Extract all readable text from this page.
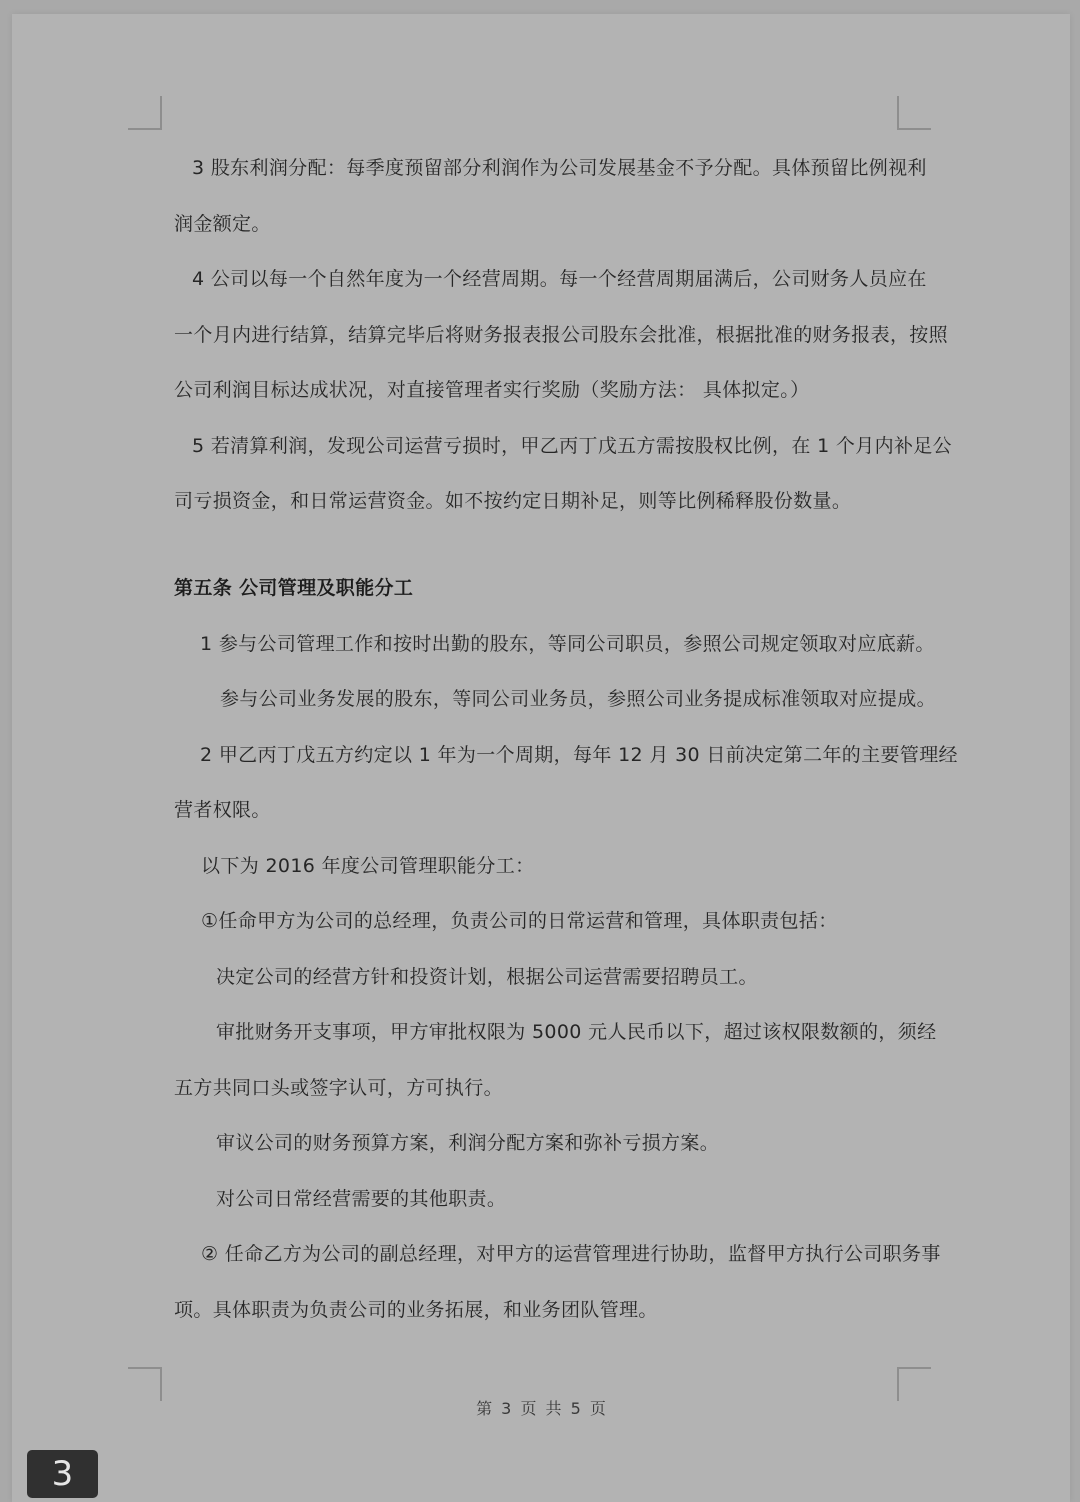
3 股东利润分配：每季度预留部分利润作为公司发展基金不予分配。具体预留比例视利
润金额定。
4 公司以每一个自然年度为一个经营周期。每一个经营周期届满后，公司财务人员应在
一个月内进行结算，结算完毕后将财务报表报公司股东会批准，根据批准的财务报表，按照
公司利润目标达成状况，对直接管理者实行奖励（奖励方法： 具体拟定。）
5 若清算利润，发现公司运营亏损时，甲乙丙丁戊五方需按股权比例，在 1 个月内补足公
司亏损资金，和日常运营资金。如不按约定日期补足，则等比例稀释股份数量。
第五条 公司管理及职能分工
1 参与公司管理工作和按时出勤的股东，等同公司职员，参照公司规定领取对应底薪。
参与公司业务发展的股东，等同公司业务员，参照公司业务提成标准领取对应提成。
2 甲乙丙丁戊五方约定以 1 年为一个周期，每年 12 月 30 日前决定第二年的主要管理经
营者权限。
以下为 2016 年度公司管理职能分工：
①任命甲方为公司的总经理，负责公司的日常运营和管理，具体职责包括：
决定公司的经营方针和投资计划，根据公司运营需要招聘员工。
审批财务开支事项，甲方审批权限为 5000 元人民币以下，超过该权限数额的，须经
五方共同口头或签字认可，方可执行。
审议公司的财务预算方案，利润分配方案和弥补亏损方案。
对公司日常经营需要的其他职责。
② 任命乙方为公司的副总经理，对甲方的运营管理进行协助，监督甲方执行公司职务事
项。具体职责为负责公司的业务拓展，和业务团队管理。
第 3 页 共 5 页
3
